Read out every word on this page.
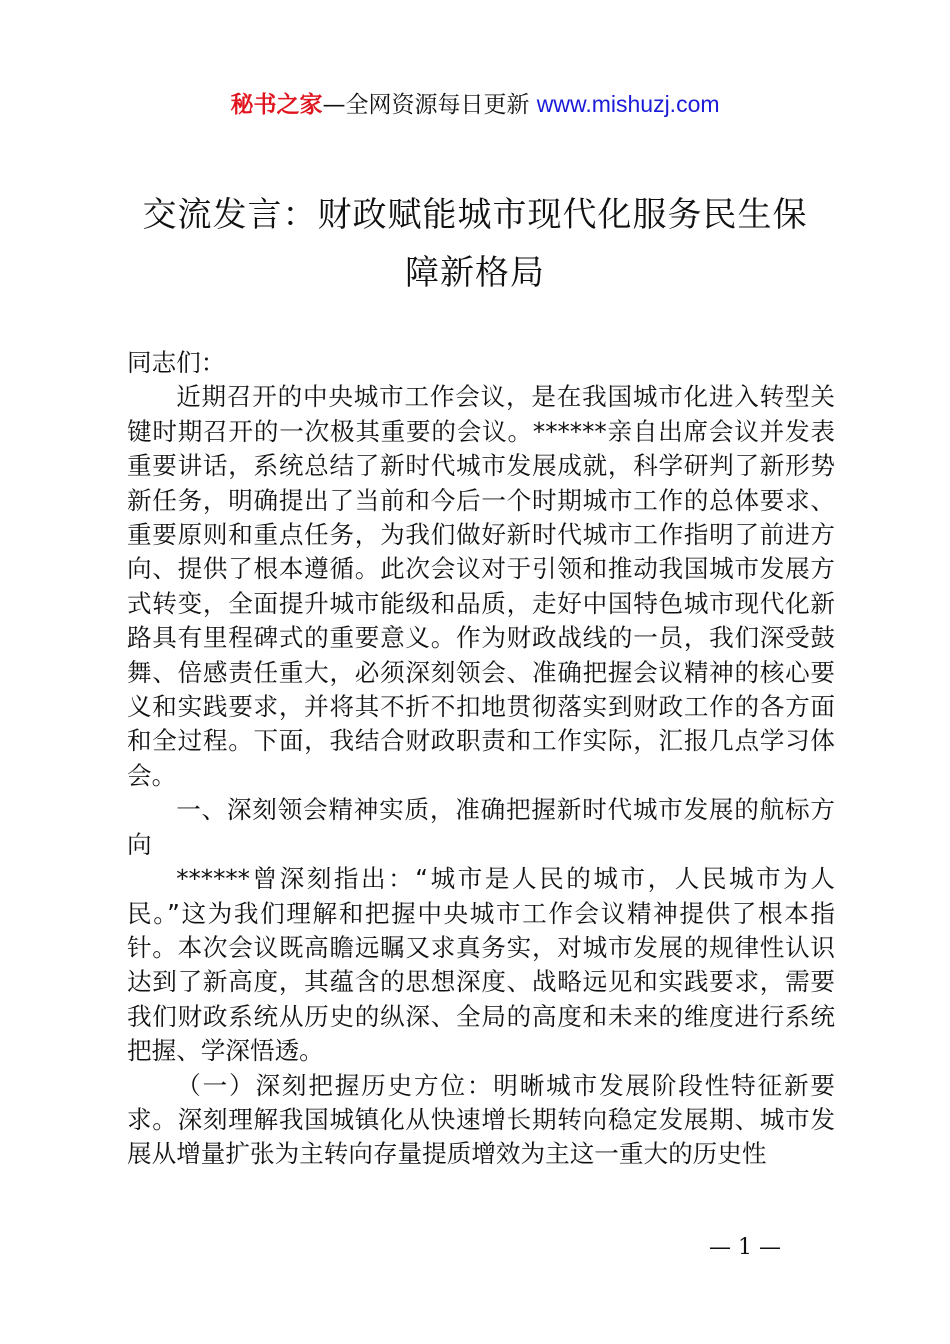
秘书之家—全网资源每日更新 www.mishuzj.com
交流发言：财政赋能城市现代化服务民生保
障新格局

同志们：

近期召开的中央城市工作会议，是在我国城市化进入转型关键时期召开的一次极其重要的会议。******亲自出席会议并发表重要讲话，系统总结了新时代城市发展成就，科学研判了新形势新任务，明确提出了当前和今后一个时期城市工作的总体要求、重要原则和重点任务，为我们做好新时代城市工作指明了前进方向、提供了根本遵循。此次会议对于引领和推动我国城市发展方式转变，全面提升城市能级和品质，走好中国特色城市现代化新路具有里程碑式的重要意义。作为财政战线的一员，我们深受鼓舞、倍感责任重大，必须深刻领会、准确把握会议精神的核心要义和实践要求，并将其不折不扣地贯彻落实到财政工作的各方面和全过程。下面，我结合财政职责和工作实际，汇报几点学习体会。

一、深刻领会精神实质，准确把握新时代城市发展的航标方向

******曾深刻指出：“城市是人民的城市，人民城市为人民。”这为我们理解和把握中央城市工作会议精神提供了根本指针。本次会议既高瞻远瞩又求真务实，对城市发展的规律性认识达到了新高度，其蕴含的思想深度、战略远见和实践要求，需要我们财政系统从历史的纵深、全局的高度和未来的维度进行系统把握、学深悟透。

（一）深刻把握历史方位：明晰城市发展阶段性特征新要求。深刻理解我国城镇化从快速增长期转向稳定发展期、城市发展从增量扩张为主转向存量提质增效为主这一重大的历史性

— 1 —
